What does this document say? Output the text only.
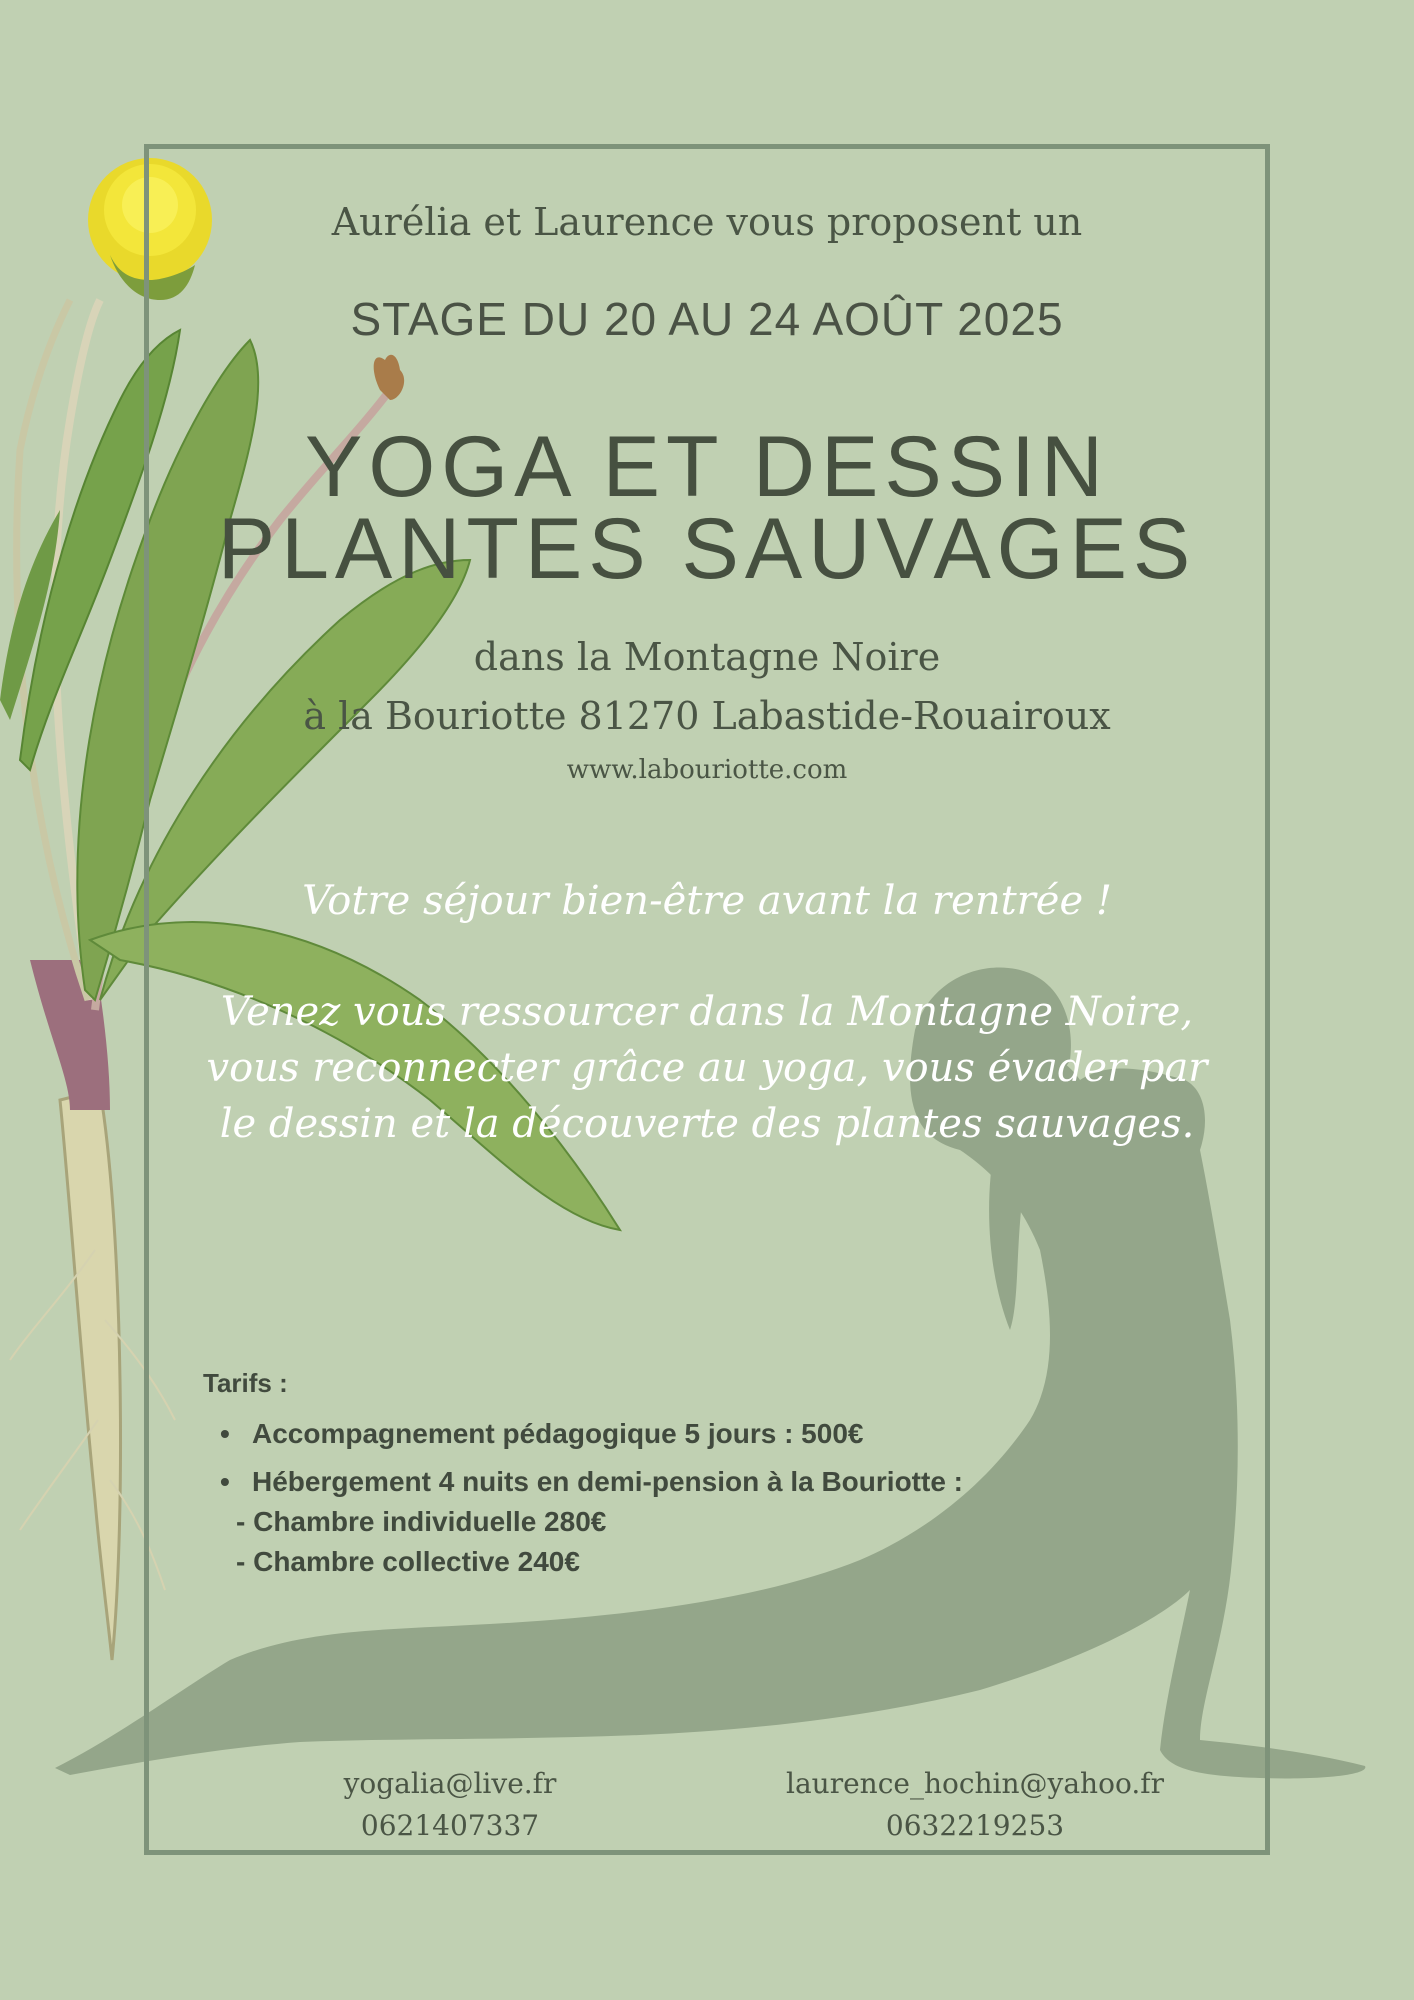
Aurélia et Laurence vous proposent un
STAGE DU 20 AU 24 AOÛT 2025
YOGA ET DESSIN
PLANTES SAUVAGES
dans la Montagne Noire
à la Bouriotte 81270 Labastide-Rouairoux
www.labouriotte.com
Votre séjour bien-être avant la rentrée !
Venez vous ressourcer dans la Montagne Noire, vous reconnecter grâce au yoga, vous évader par le dessin et la découverte des plantes sauvages.
Tarifs :
• Accompagnement pédagogique 5 jours : 500€
• Hébergement 4 nuits en demi-pension à la Bouriotte :
- Chambre individuelle 280€
- Chambre collective 240€
yogalia@live.fr
0621407337
laurence_hochin@yahoo.fr
0632219253
